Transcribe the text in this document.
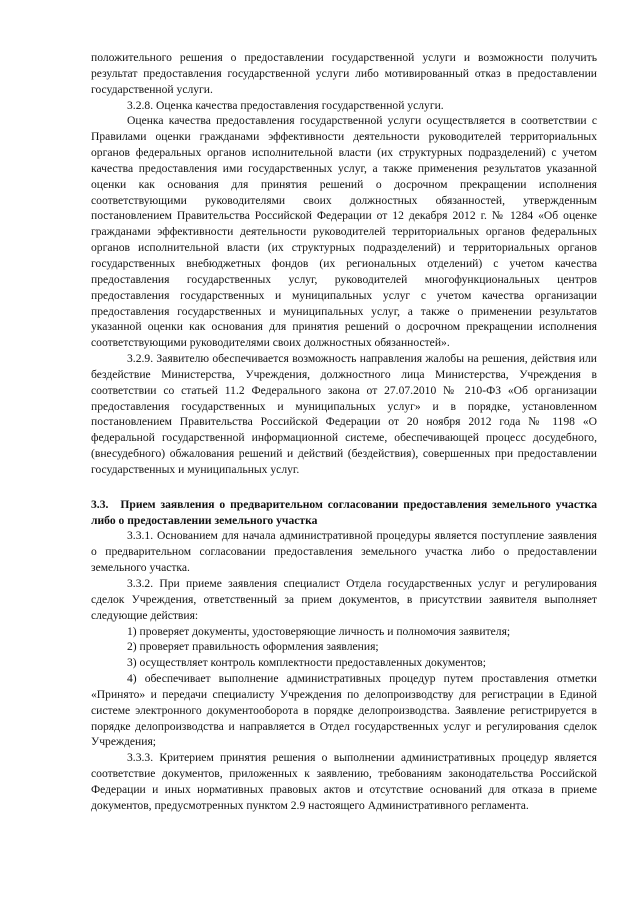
положительного решения о предоставлении государственной услуги и возможности получить результат предоставления государственной услуги либо мотивированный отказ в предоставлении государственной услуги.

3.2.8. Оценка качества предоставления государственной услуги.

Оценка качества предоставления государственной услуги осуществляется в соответствии с Правилами оценки гражданами эффективности деятельности руководителей территориальных органов федеральных органов исполнительной власти (их структурных подразделений) с учетом качества предоставления ими государственных услуг, а также применения результатов указанной оценки как основания для принятия решений о досрочном прекращении исполнения соответствующими руководителями своих должностных обязанностей, утвержденным постановлением Правительства Российской Федерации от 12 декабря 2012 г. № 1284 «Об оценке гражданами эффективности деятельности руководителей территориальных органов федеральных органов исполнительной власти (их структурных подразделений) и территориальных органов государственных внебюджетных фондов (их региональных отделений) с учетом качества предоставления государственных услуг, руководителей многофункциональных центров предоставления государственных и муниципальных услуг с учетом качества организации предоставления государственных и муниципальных услуг, а также о применении результатов указанной оценки как основания для принятия решений о досрочном прекращении исполнения соответствующими руководителями своих должностных обязанностей».

3.2.9. Заявителю обеспечивается возможность направления жалобы на решения, действия или бездействие Министерства, Учреждения, должностного лица Министерства, Учреждения в соответствии со статьей 11.2 Федерального закона от 27.07.2010 № 210-ФЗ «Об организации предоставления государственных и муниципальных услуг» и в порядке, установленном постановлением Правительства Российской Федерации от 20 ноября 2012 года № 1198 «О федеральной государственной информационной системе, обеспечивающей процесс досудебного, (внесудебного) обжалования решений и действий (бездействия), совершенных при предоставлении государственных и муниципальных услуг.

3.3. Прием заявления о предварительном согласовании предоставления земельного участка либо о предоставлении земельного участка

3.3.1. Основанием для начала административной процедуры является поступление заявления о предварительном согласовании предоставления земельного участка либо о предоставлении земельного участка.

3.3.2. При приеме заявления специалист Отдела государственных услуг и регулирования сделок Учреждения, ответственный за прием документов, в присутствии заявителя выполняет следующие действия:

1) проверяет документы, удостоверяющие личность и полномочия заявителя;

2) проверяет правильность оформления заявления;

3) осуществляет контроль комплектности предоставленных документов;

4) обеспечивает выполнение административных процедур путем проставления отметки «Принято» и передачи специалисту Учреждения по делопроизводству для регистрации в Единой системе электронного документооборота в порядке делопроизводства. Заявление регистрируется в порядке делопроизводства и направляется в Отдел государственных услуг и регулирования сделок Учреждения;

3.3.3. Критерием принятия решения о выполнении административных процедур является соответствие документов, приложенных к заявлению, требованиям законодательства Российской Федерации и иных нормативных правовых актов и отсутствие оснований для отказа в приеме документов, предусмотренных пунктом 2.9 настоящего Административного регламента.
